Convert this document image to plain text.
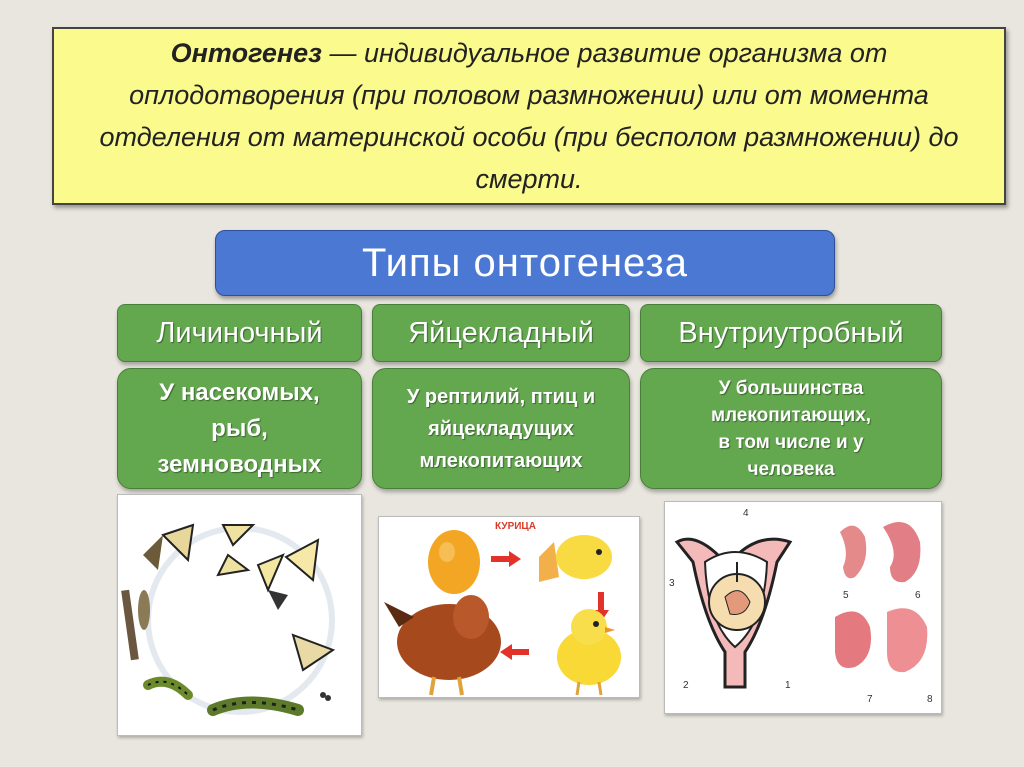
Онтогенез — индивидуальное развитие организма от оплодотворения (при половом размножении) или от момента отделения от материнской особи (при бесполом размножении) до смерти.
Типы онтогенеза
Личиночный	Яйцекладный	Внутриутробный
У насекомых,
рыб,
земноводных
У рептилий, птиц и
яйцекладущих
млекопитающих
У большинства
млекопитающих,
в том числе и у
человека
КУРИЦА
4
3
2	1
5	6
7	8
